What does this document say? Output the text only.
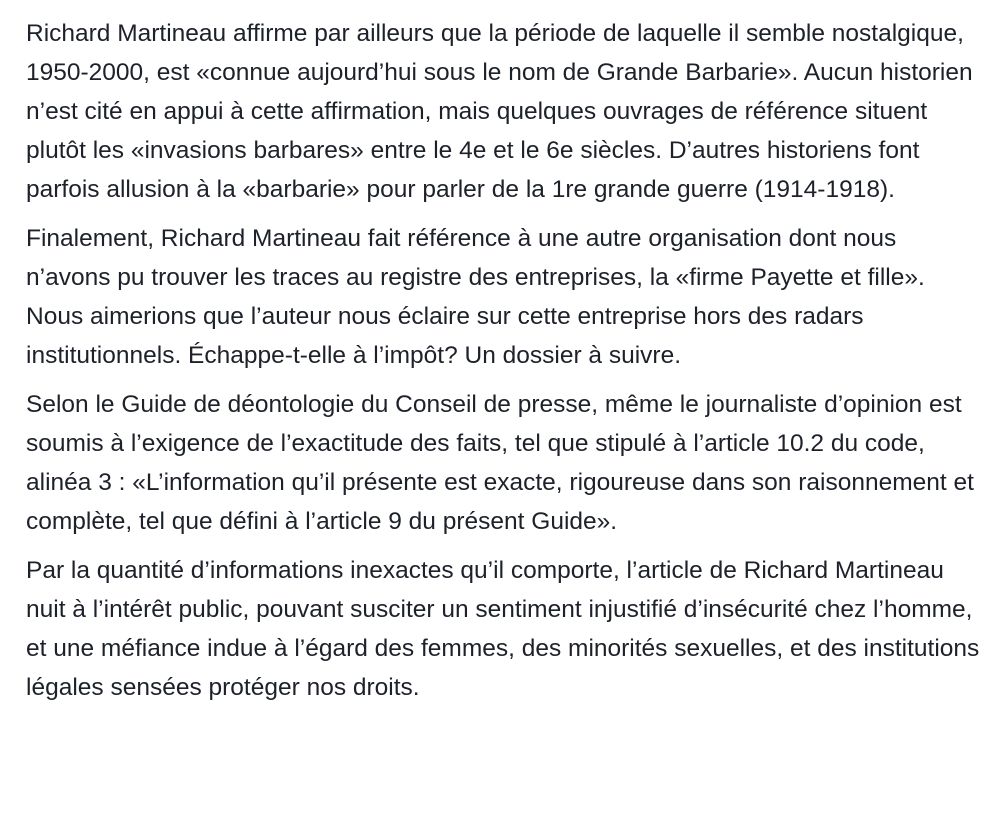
Richard Martineau affirme par ailleurs que la période de laquelle il semble nostalgique, 1950-2000, est «connue aujourd’hui sous le nom de Grande Barbarie». Aucun historien n’est cité en appui à cette affirmation, mais quelques ouvrages de référence situent plutôt les «invasions barbares» entre le 4e et le 6e siècles. D’autres historiens font parfois allusion à la «barbarie» pour parler de la 1re grande guerre (1914-1918).

Finalement, Richard Martineau fait référence à une autre organisation dont nous n’avons pu trouver les traces au registre des entreprises, la «firme Payette et fille». Nous aimerions que l’auteur nous éclaire sur cette entreprise hors des radars institutionnels. Échappe-t-elle à l’impôt? Un dossier à suivre.

Selon le Guide de déontologie du Conseil de presse, même le journaliste d’opinion est soumis à l’exigence de l’exactitude des faits, tel que stipulé à l’article 10.2 du code, alinéa 3 : «L’information qu’il présente est exacte, rigoureuse dans son raisonnement et complète, tel que défini à l’article 9 du présent Guide».

Par la quantité d’informations inexactes qu’il comporte, l’article de Richard Martineau nuit à l’intérêt public, pouvant susciter un sentiment injustifié d’insécurité chez l’homme, et une méfiance indue à l’égard des femmes, des minorités sexuelles, et des institutions légales sensées protéger nos droits.
